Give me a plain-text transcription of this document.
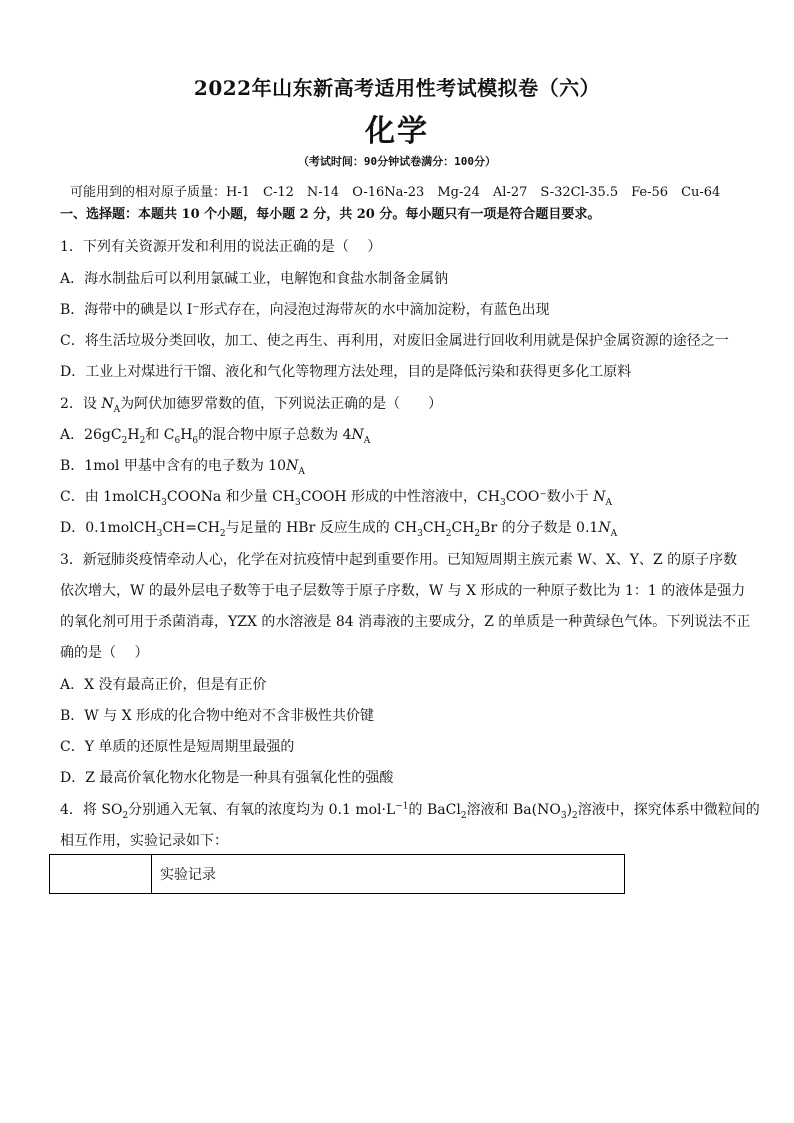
2022年山东新高考适用性考试模拟卷（六）
化学
（考试时间：90分钟试卷满分：100分）
可能用到的相对原子质量：H-1　C-12　N-14　O-16Na-23　Mg-24　Al-27　S-32Cl-35.5　Fe-56　Cu-64
一、选择题：本题共 10 个小题，每小题 2 分，共 20 分。每小题只有一项是符合题目要求。
1．下列有关资源开发和利用的说法正确的是（　 ）
A．海水制盐后可以利用氯碱工业，电解饱和食盐水制备金属钠
B．海带中的碘是以 I⁻形式存在，向浸泡过海带灰的水中滴加淀粉，有蓝色出现
C．将生活垃圾分类回收，加工、使之再生、再利用，对废旧金属进行回收利用就是保护金属资源的途径之一
D．工业上对煤进行干馏、液化和气化等物理方法处理，目的是降低污染和获得更多化工原料
2．设 $N_A$为阿伏加德罗常数的值，下列说法正确的是（　　）
A．$26gC_2H_2$和 $C_6H_6$的混合物中原子总数为 $4N_A$
B．1mol 甲基中含有的电子数为 $10N_A$
C．由 1molCH$_3$COONa 和少量 $CH_3COOH$ 形成的中性溶液中，$CH_3COO^-$数小于 $N_A$
D．$0.1molCH_3CH=CH_2$与足量的 HBr 反应生成的 $CH_3CH_2CH_2Br$ 的分子数是 $0.1N_A$
3．新冠肺炎疫情牵动人心，化学在对抗疫情中起到重要作用。已知短周期主族元素 W、X、Y、Z 的原子序数
依次增大，W 的最外层电子数等于电子层数等于原子序数，W 与 X 形成的一种原子数比为 1：1 的液体是强力
的氧化剂可用于杀菌消毒，YZX 的水溶液是 84 消毒液的主要成分，Z 的单质是一种黄绿色气体。下列说法不正
确的是（　 ）
A．X 没有最高正价，但是有正价
B．W 与 X 形成的化合物中绝对不含非极性共价键
C．Y 单质的还原性是短周期里最强的
D．Z 最高价氧化物水化物是一种具有强氧化性的强酸
4．将 $SO_2$分别通入无氧、有氧的浓度均为 0.1 $mol\cdot L^{-1}$的 BaCl$_2$溶液和 $Ba(NO_3)_2$溶液中，探究体系中微粒间的
相互作用，实验记录如下：
实验记录
